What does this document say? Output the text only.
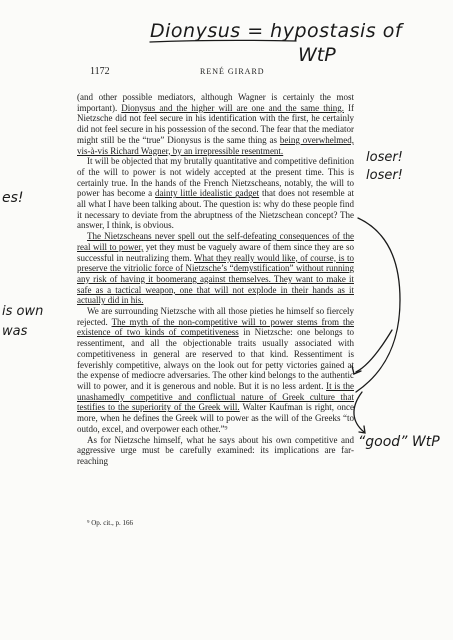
Dionysus = hypostasis of
WtP
loser!
loser!
“good” WtP
es!
is own
was
1172	RENÉ GIRARD

(and other possible mediators, although Wagner is certainly the most important). Dionysus and the higher will are one and the same thing. If Nietzsche did not feel secure in his identification with the first, he certainly did not feel secure in his possession of the second. The fear that the mediator might still be the “true” Dionysus is the same thing as being overwhelmed, vis-à-vis Richard Wagner, by an irrepressible resentment.

It will be objected that my brutally quantitative and competitive definition of the will to power is not widely accepted at the present time. This is certainly true. In the hands of the French Nietzscheans, notably, the will to power has become a dainty little idealistic gadget that does not resemble at all what I have been talking about. The question is: why do these people find it necessary to deviate from the abruptness of the Nietzschean concept? The answer, I think, is obvious.

The Nietzscheans never spell out the self-defeating consequences of the real will to power, yet they must be vaguely aware of them since they are so successful in neutralizing them. What they really would like, of course, is to preserve the vitriolic force of Nietzsche’s “demystification” without running any risk of having it boomerang against themselves. They want to make it safe as a tactical weapon, one that will not explode in their hands as it actually did in his.

We are surrounding Nietzsche with all those pieties he himself so fiercely rejected. The myth of the non-competitive will to power stems from the existence of two kinds of competitiveness in Nietzsche: one belongs to ressentiment, and all the objectionable traits usually associated with competitiveness in general are reserved to that kind. Ressentiment is feverishly competitive, always on the look out for petty victories gained at the expense of mediocre adversaries. The other kind belongs to the authentic will to power, and it is generous and noble. But it is no less ardent. It is the unashamedly competitive and conflictual nature of Greek culture that testifies to the superiority of the Greek will. Walter Kaufman is right, once more, when he defines the Greek will to power as the will of the Greeks “to outdo, excel, and overpower each other.”⁹

As for Nietzsche himself, what he says about his own competitive and aggressive urge must be carefully examined: its implications are far-reaching

⁹ Op. cit., p. 166
